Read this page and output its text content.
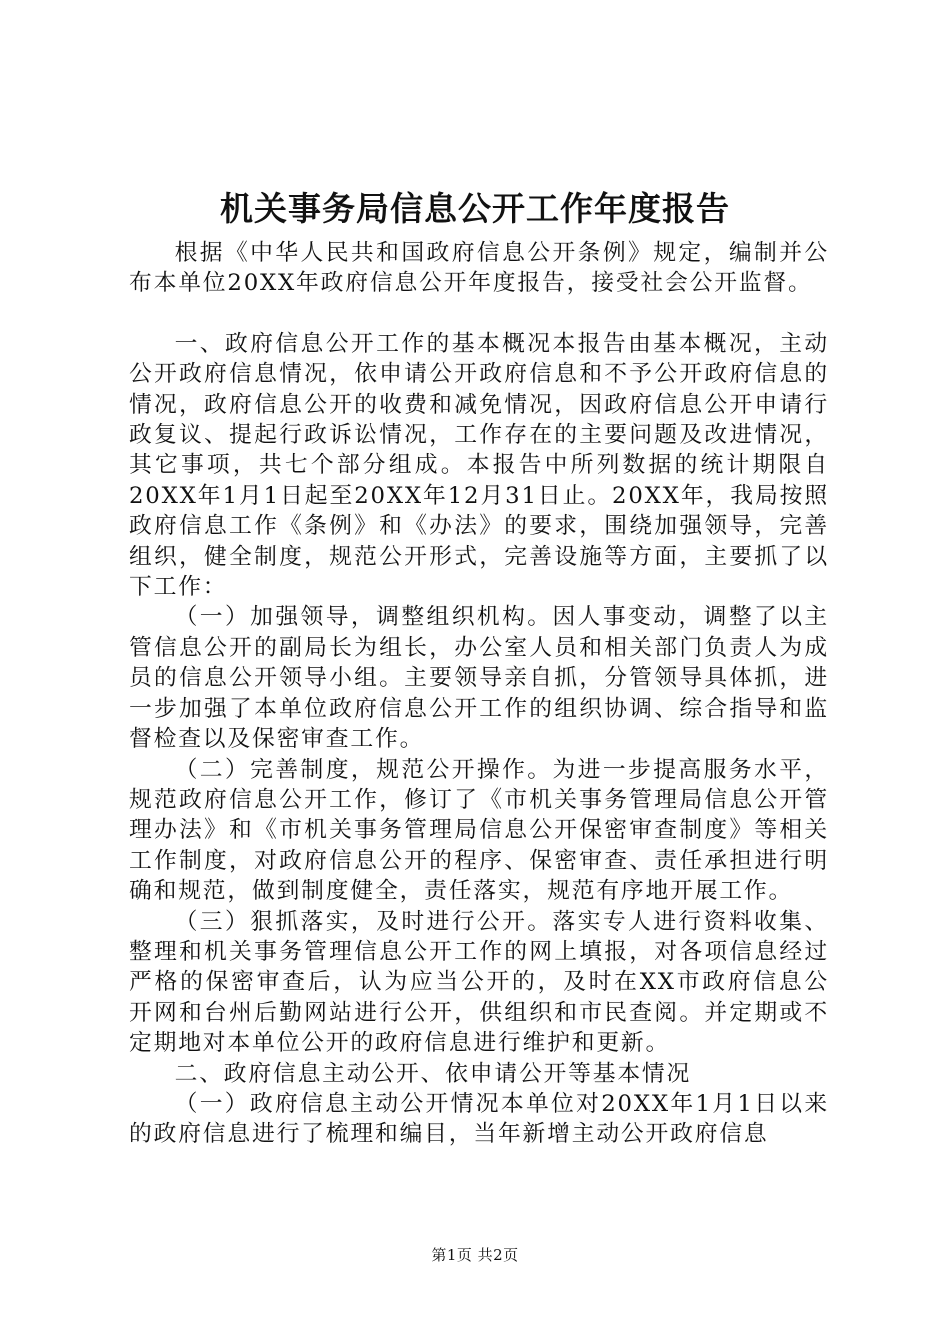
机关事务局信息公开工作年度报告

根据《中华人民共和国政府信息公开条例》规定，编制并公布本单位20XX年政府信息公开年度报告，接受社会公开监督。

一、政府信息公开工作的基本概况本报告由基本概况，主动公开政府信息情况，依申请公开政府信息和不予公开政府信息的情况，政府信息公开的收费和减免情况，因政府信息公开申请行政复议、提起行政诉讼情况，工作存在的主要问题及改进情况，其它事项，共七个部分组成。本报告中所列数据的统计期限自20XX年1月1日起至20XX年12月31日止。20XX年，我局按照政府信息工作《条例》和《办法》的要求，围绕加强领导，完善组织，健全制度，规范公开形式，完善设施等方面，主要抓了以下工作：

（一）加强领导，调整组织机构。因人事变动，调整了以主管信息公开的副局长为组长，办公室人员和相关部门负责人为成员的信息公开领导小组。主要领导亲自抓，分管领导具体抓，进一步加强了本单位政府信息公开工作的组织协调、综合指导和监督检查以及保密审查工作。

（二）完善制度，规范公开操作。为进一步提高服务水平，规范政府信息公开工作，修订了《市机关事务管理局信息公开管理办法》和《市机关事务管理局信息公开保密审查制度》等相关工作制度，对政府信息公开的程序、保密审查、责任承担进行明确和规范，做到制度健全，责任落实，规范有序地开展工作。

（三）狠抓落实，及时进行公开。落实专人进行资料收集、整理和机关事务管理信息公开工作的网上填报，对各项信息经过严格的保密审查后，认为应当公开的，及时在XX市政府信息公开网和台州后勤网站进行公开，供组织和市民查阅。并定期或不定期地对本单位公开的政府信息进行维护和更新。

二、政府信息主动公开、依申请公开等基本情况

（一）政府信息主动公开情况本单位对20XX年1月1日以来的政府信息进行了梳理和编目，当年新增主动公开政府信息

第1页 共2页
